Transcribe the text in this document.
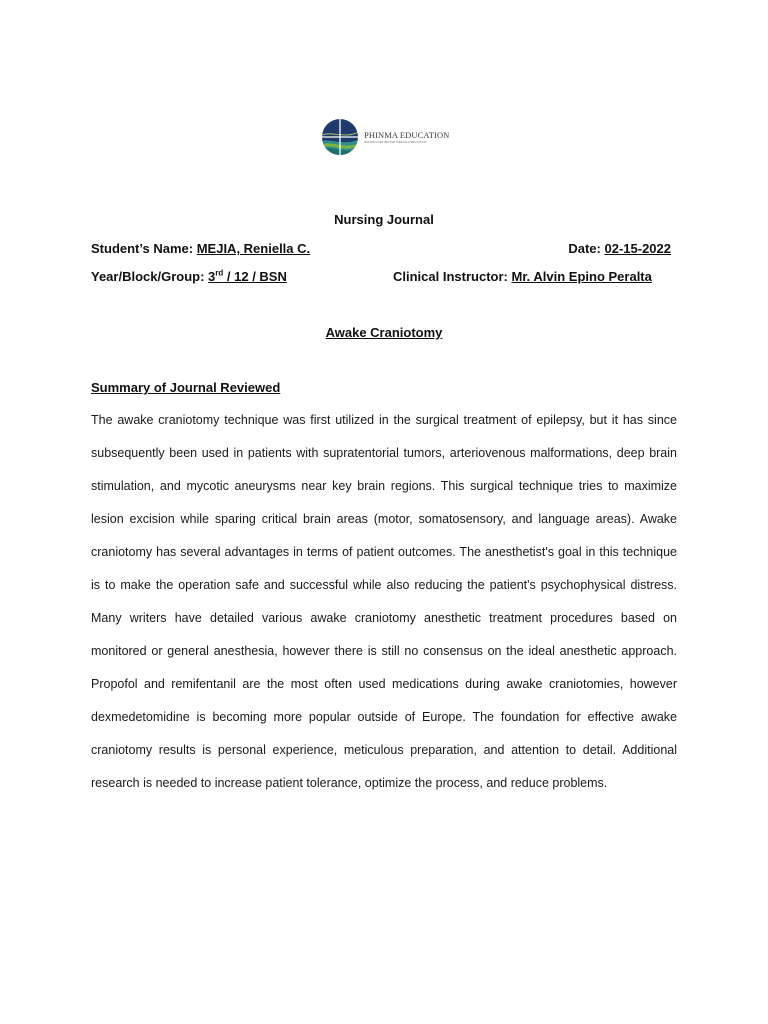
PHINMA EDUCATION
MAKING LIVES BETTER THROUGH EDUCATION
Nursing Journal
Student’s Name: MEJIA, Reniella C.	Date: 02-15-2022
Year/Block/Group: 3rd / 12 / BSN	Clinical Instructor: Mr. Alvin Epino Peralta
Awake Craniotomy
Summary of Journal Reviewed

The awake craniotomy technique was first utilized in the surgical treatment of epilepsy, but it has since subsequently been used in patients with supratentorial tumors, arteriovenous malformations, deep brain stimulation, and mycotic aneurysms near key brain regions. This surgical technique tries to maximize lesion excision while sparing critical brain areas (motor, somatosensory, and language areas). Awake craniotomy has several advantages in terms of patient outcomes. The anesthetist's goal in this technique is to make the operation safe and successful while also reducing the patient's psychophysical distress. Many writers have detailed various awake craniotomy anesthetic treatment procedures based on monitored or general anesthesia, however there is still no consensus on the ideal anesthetic approach. Propofol and remifentanil are the most often used medications during awake craniotomies, however dexmedetomidine is becoming more popular outside of Europe. The foundation for effective awake craniotomy results is personal experience, meticulous preparation, and attention to detail. Additional research is needed to increase patient tolerance, optimize the process, and reduce problems.
